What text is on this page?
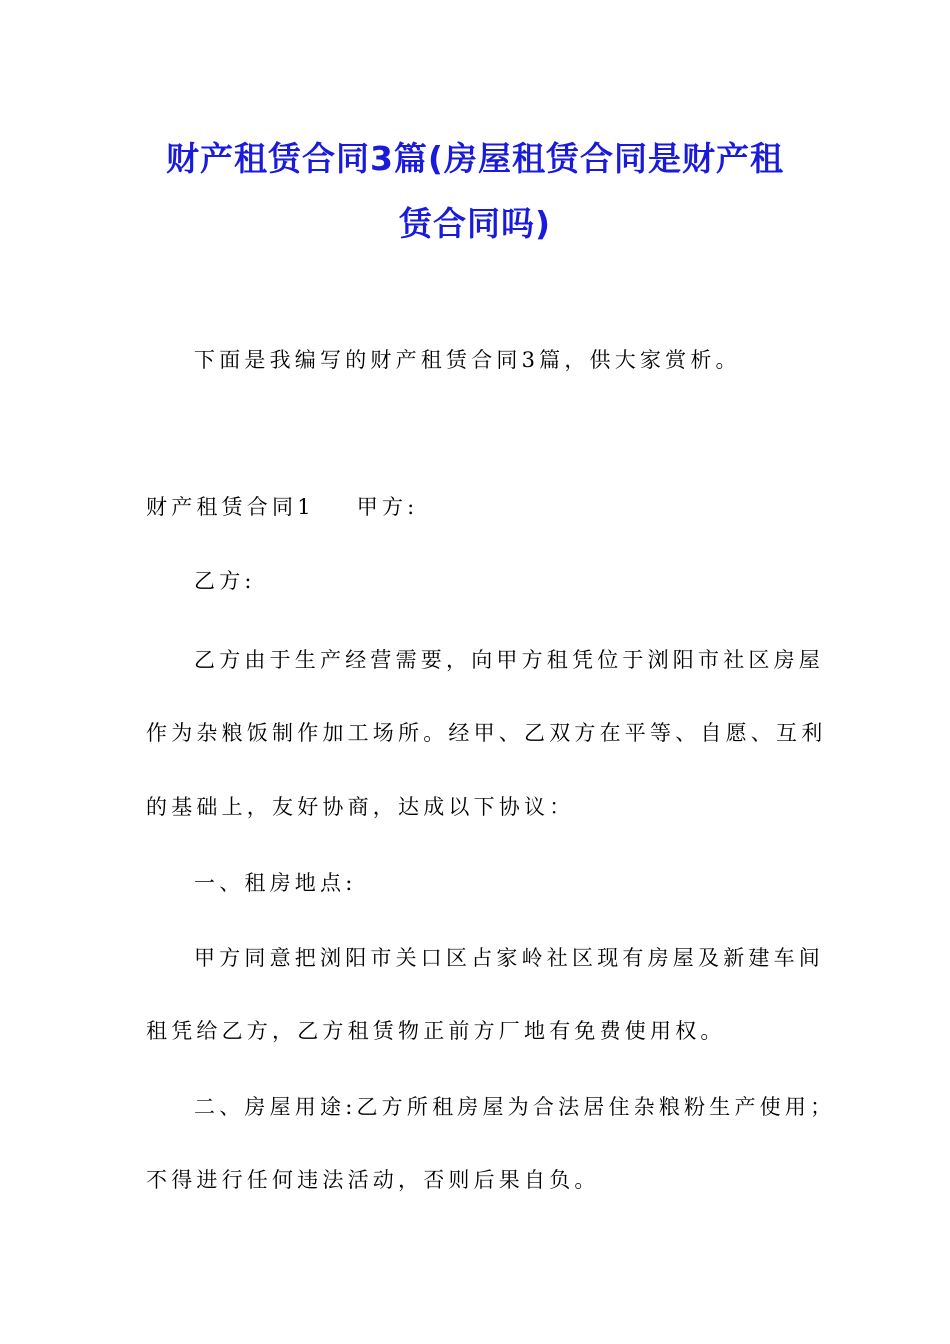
财产租赁合同3篇(房屋租赁合同是财产租
赁合同吗)
下面是我编写的财产租赁合同3篇，供大家赏析。
财产租赁合同1 甲方:
乙方:
乙方由于生产经营需要，向甲方租凭位于浏阳市社区房屋
作为杂粮饭制作加工场所。经甲、乙双方在平等、自愿、互利
的基础上，友好协商，达成以下协议：
一、租房地点:
甲方同意把浏阳市关口区占家岭社区现有房屋及新建车间
租凭给乙方，乙方租赁物正前方厂地有免费使用权。
二、房屋用途:乙方所租房屋为合法居住杂粮粉生产使用；
不得进行任何违法活动，否则后果自负。
